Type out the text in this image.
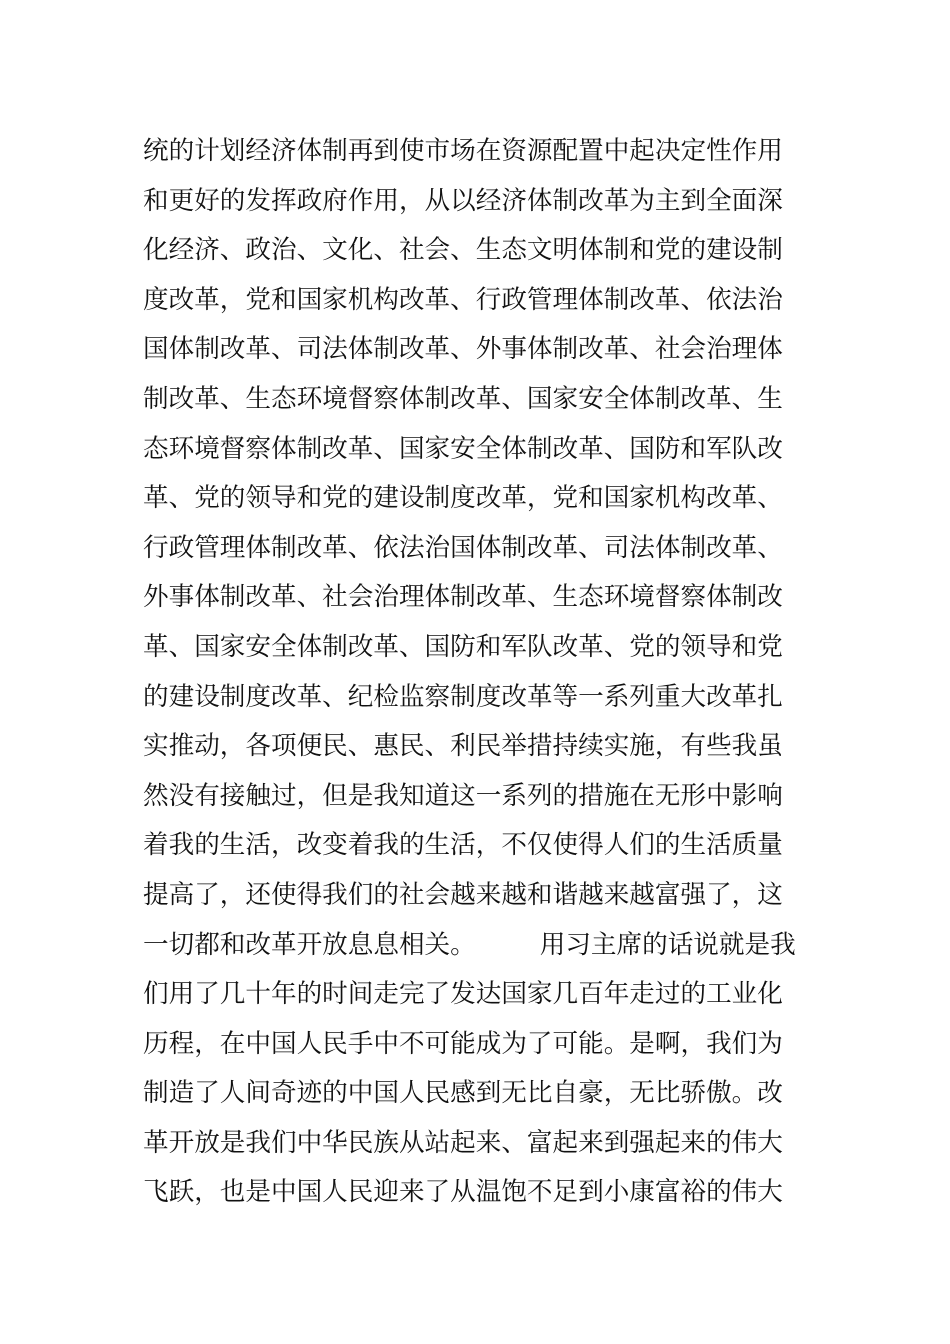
统的计划经济体制再到使市场在资源配置中起决定性作用
和更好的发挥政府作用，从以经济体制改革为主到全面深
化经济、政治、文化、社会、生态文明体制和党的建设制
度改革，党和国家机构改革、行政管理体制改革、依法治
国体制改革、司法体制改革、外事体制改革、社会治理体
制改革、生态环境督察体制改革、国家安全体制改革、生
态环境督察体制改革、国家安全体制改革、国防和军队改
革、党的领导和党的建设制度改革，党和国家机构改革、
行政管理体制改革、依法治国体制改革、司法体制改革、
外事体制改革、社会治理体制改革、生态环境督察体制改
革、国家安全体制改革、国防和军队改革、党的领导和党
的建设制度改革、纪检监察制度改革等一系列重大改革扎
实推动，各项便民、惠民、利民举措持续实施，有些我虽
然没有接触过，但是我知道这一系列的措施在无形中影响
着我的生活，改变着我的生活，不仅使得人们的生活质量
提高了，还使得我们的社会越来越和谐越来越富强了，这
一切都和改革开放息息相关。	用习主席的话说就是我
们用了几十年的时间走完了发达国家几百年走过的工业化
历程，在中国人民手中不可能成为了可能。是啊，我们为
制造了人间奇迹的中国人民感到无比自豪，无比骄傲。改
革开放是我们中华民族从站起来、富起来到强起来的伟大
飞跃，也是中国人民迎来了从温饱不足到小康富裕的伟大
